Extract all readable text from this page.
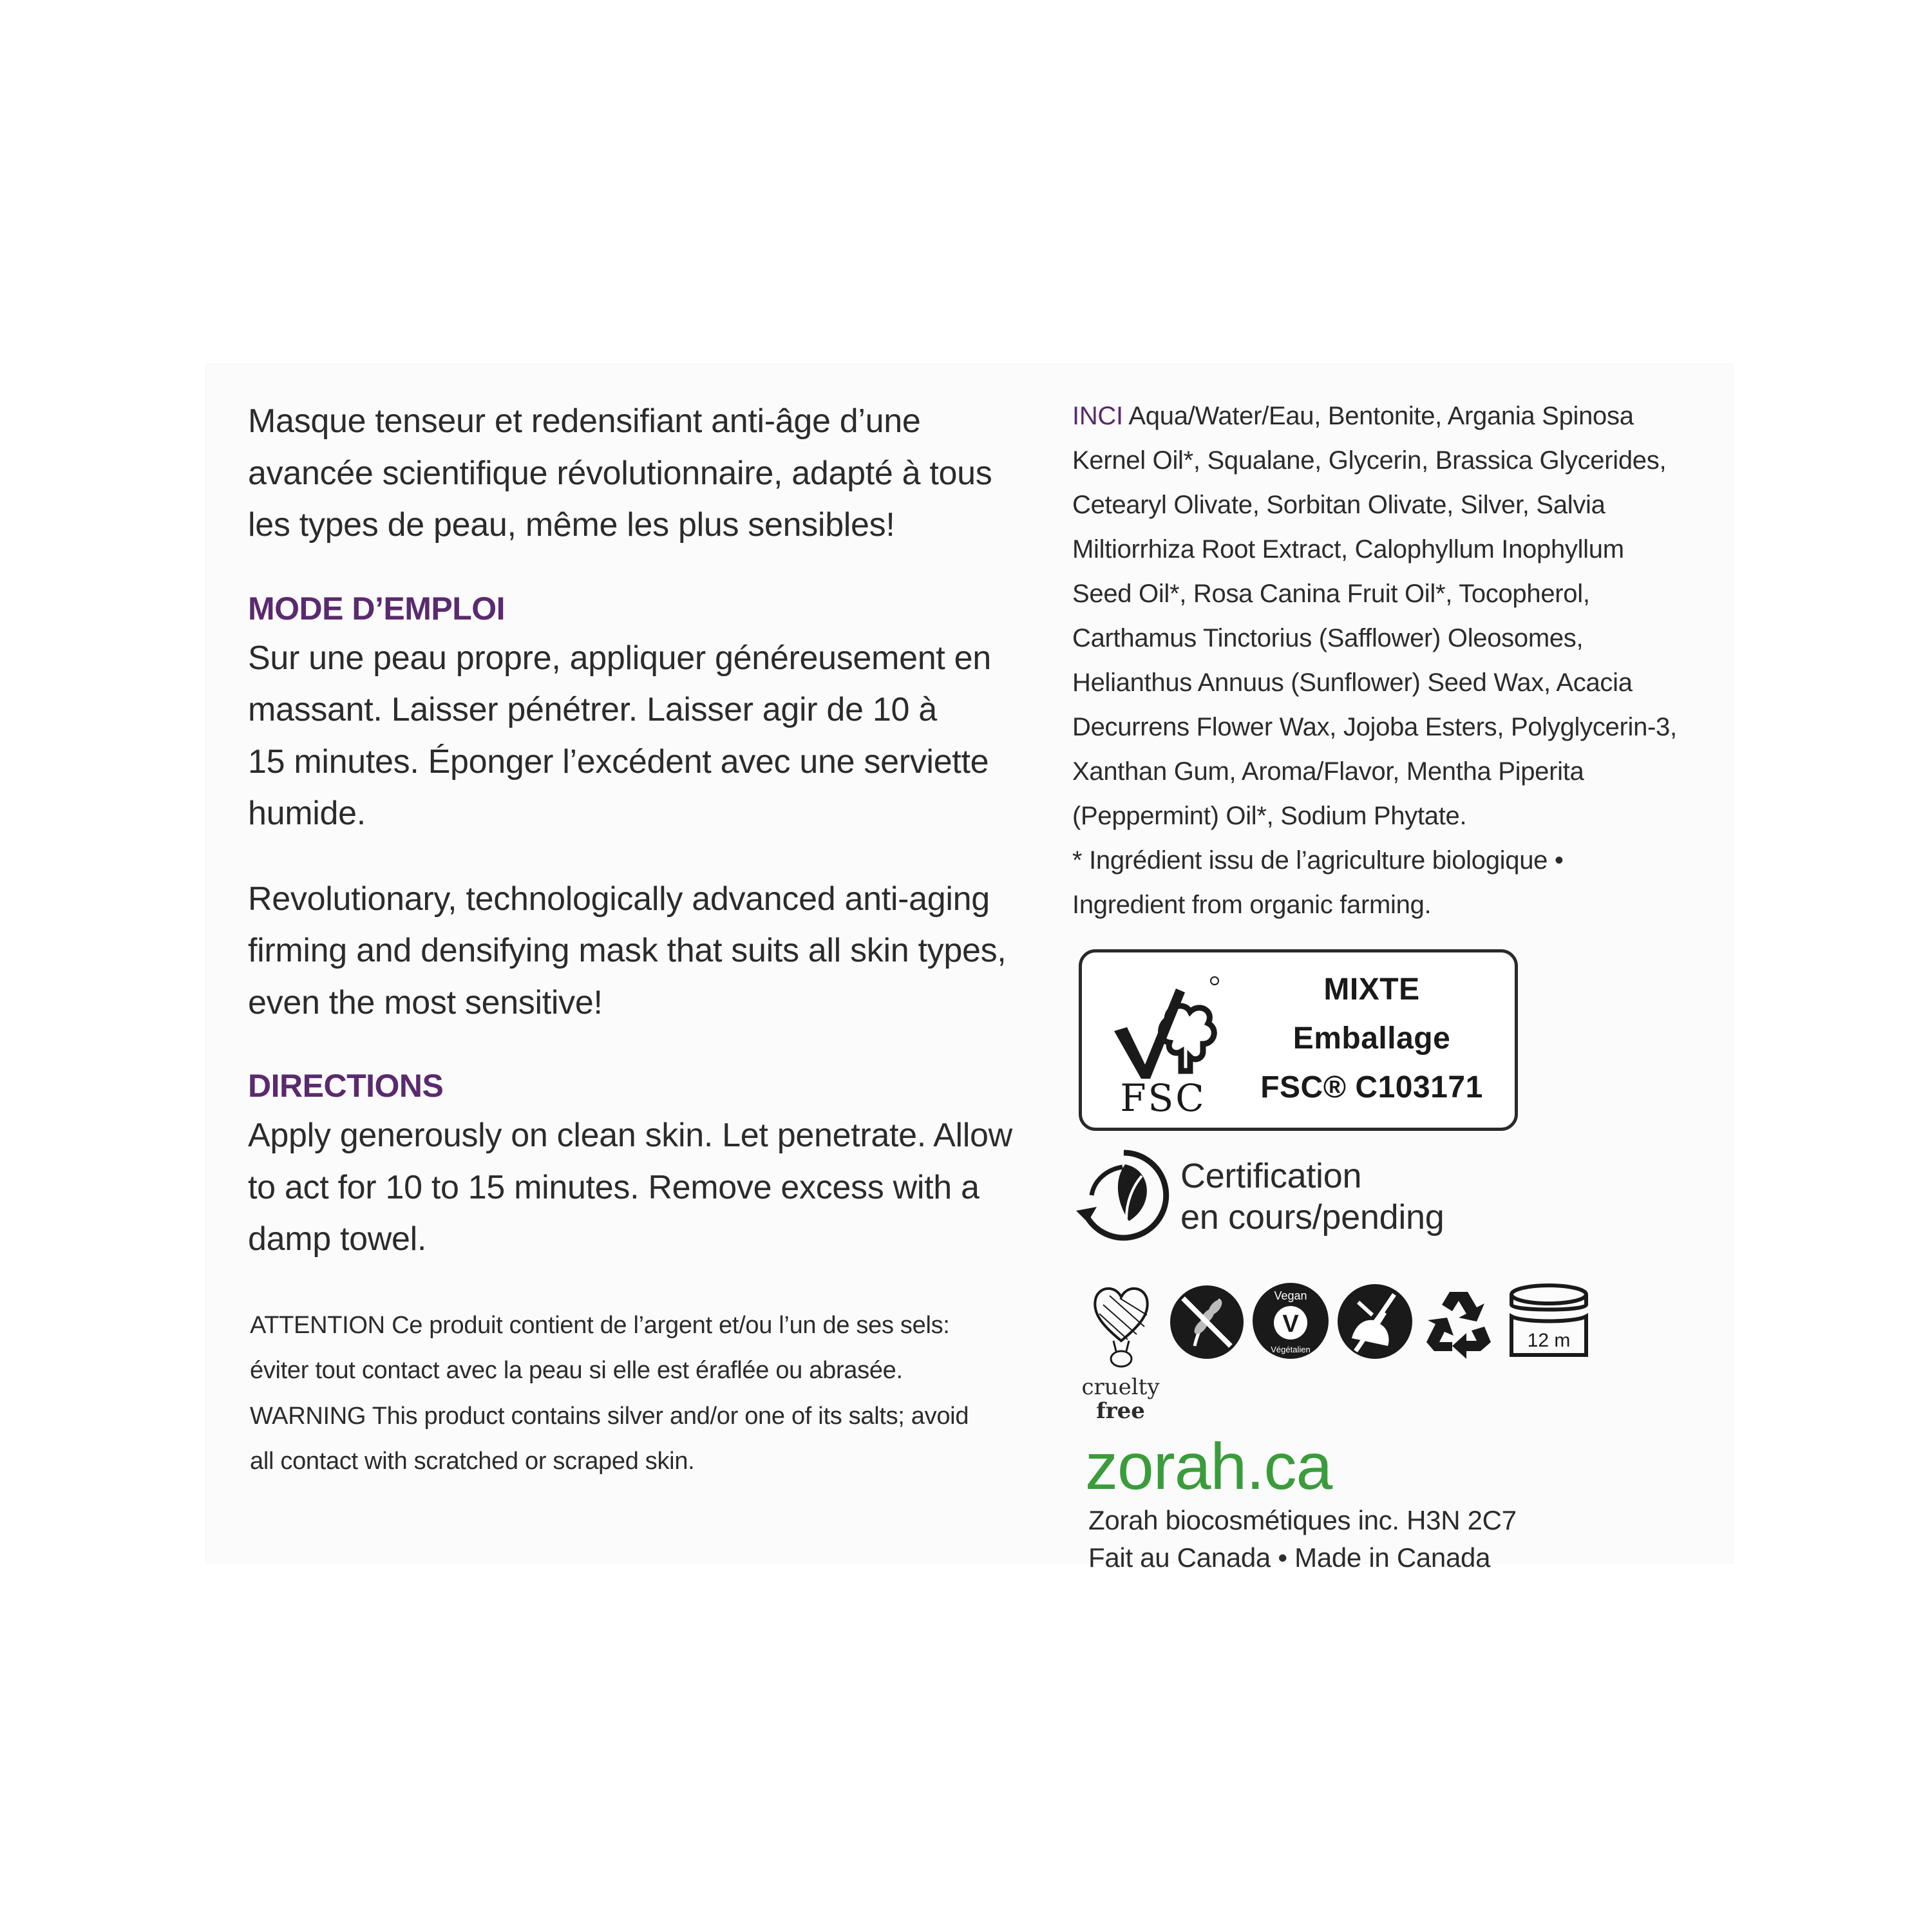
Masque tenseur et redensifiant anti-âge d’une
avancée scientifique révolutionnaire, adapté à tous
les types de peau, même les plus sensibles!

MODE D’EMPLOI

Sur une peau propre, appliquer généreusement en
massant. Laisser pénétrer. Laisser agir de 10 à
15 minutes. Éponger l’excédent avec une serviette
humide.

Revolutionary, technologically advanced anti-aging
firming and densifying mask that suits all skin types,
even the most sensitive!

DIRECTIONS

Apply generously on clean skin. Let penetrate. Allow
to act for 10 to 15 minutes. Remove excess with a
damp towel.

ATTENTION Ce produit contient de l’argent et/ou l’un de ses sels:
éviter tout contact avec la peau si elle est éraflée ou abrasée.
WARNING This product contains silver and/or one of its salts; avoid
all contact with scratched or scraped skin.

INCI Aqua/Water/Eau, Bentonite, Argania Spinosa
Kernel Oil*, Squalane, Glycerin, Brassica Glycerides,
Cetearyl Olivate, Sorbitan Olivate, Silver, Salvia
Miltiorrhiza Root Extract, Calophyllum Inophyllum
Seed Oil*, Rosa Canina Fruit Oil*, Tocopherol,
Carthamus Tinctorius (Safflower) Oleosomes,
Helianthus Annuus (Sunflower) Seed Wax, Acacia
Decurrens Flower Wax, Jojoba Esters, Polyglycerin-3,
Xanthan Gum, Aroma/Flavor, Mentha Piperita
(Peppermint) Oil*, Sodium Phytate.
* Ingrédient issu de l’agriculture biologique •
Ingredient from organic farming.

FSC
MIXTE
Emballage
FSC® C103171
Certification
en cours/pending
cruelty
free
Vegan
Végétalien
V
12 m
zorah.ca
Zorah biocosmétiques inc. H3N 2C7
Fait au Canada • Made in Canada
